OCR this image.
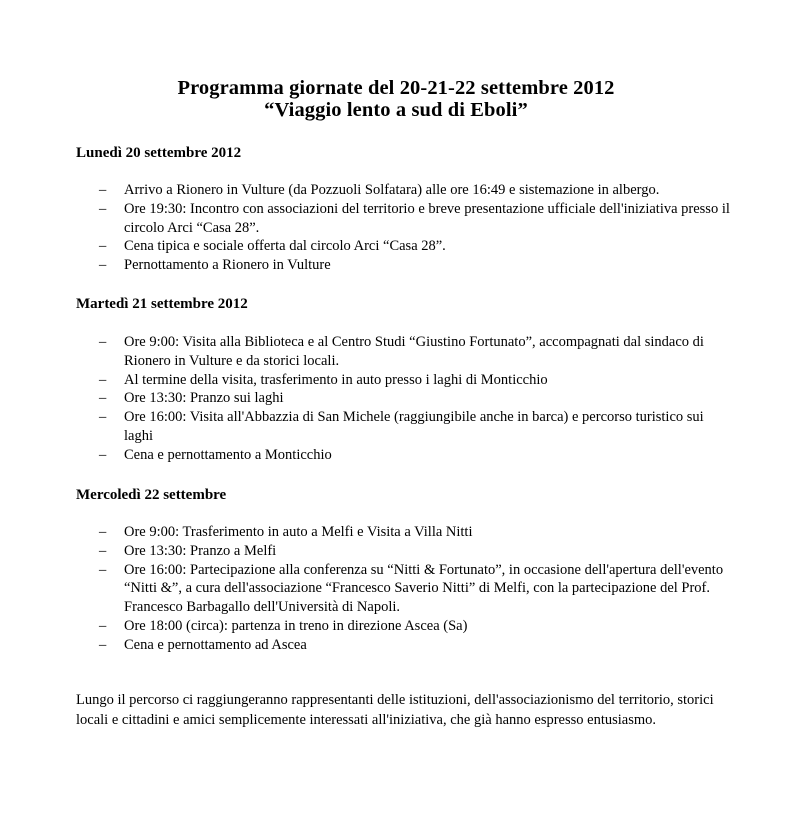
Programma giornate del 20-21-22 settembre 2012
“Viaggio lento a sud di Eboli”
Lunedì 20 settembre 2012
– Arrivo a Rionero in Vulture (da Pozzuoli Solfatara) alle ore 16:49 e sistemazione in albergo.
– Ore 19:30: Incontro con associazioni del territorio e breve presentazione ufficiale dell'iniziativa presso il circolo Arci “Casa 28”.
– Cena tipica e sociale offerta dal circolo Arci “Casa 28”.
– Pernottamento a Rionero in Vulture
Martedì 21 settembre 2012
– Ore 9:00: Visita alla Biblioteca e al Centro Studi “Giustino Fortunato”, accompagnati dal sindaco di Rionero in Vulture e da storici locali.
– Al termine della visita, trasferimento in auto presso i laghi di Monticchio
– Ore 13:30: Pranzo sui laghi
– Ore 16:00: Visita all'Abbazzia di San Michele (raggiungibile anche in barca) e percorso turistico sui laghi
– Cena e pernottamento a Monticchio
Mercoledì 22 settembre
– Ore 9:00: Trasferimento in auto a Melfi e Visita a Villa Nitti
– Ore 13:30: Pranzo a Melfi
– Ore 16:00: Partecipazione alla conferenza su “Nitti & Fortunato”, in occasione dell'apertura dell'evento “Nitti &”, a cura dell'associazione “Francesco Saverio Nitti” di Melfi, con la partecipazione del Prof. Francesco Barbagallo dell'Università di Napoli.
– Ore 18:00 (circa): partenza in treno in direzione Ascea (Sa)
– Cena e pernottamento ad Ascea
Lungo il percorso ci raggiungeranno rappresentanti delle istituzioni, dell'associazionismo del territorio, storici locali e cittadini e amici semplicemente interessati all'iniziativa, che già hanno espresso entusiasmo.
